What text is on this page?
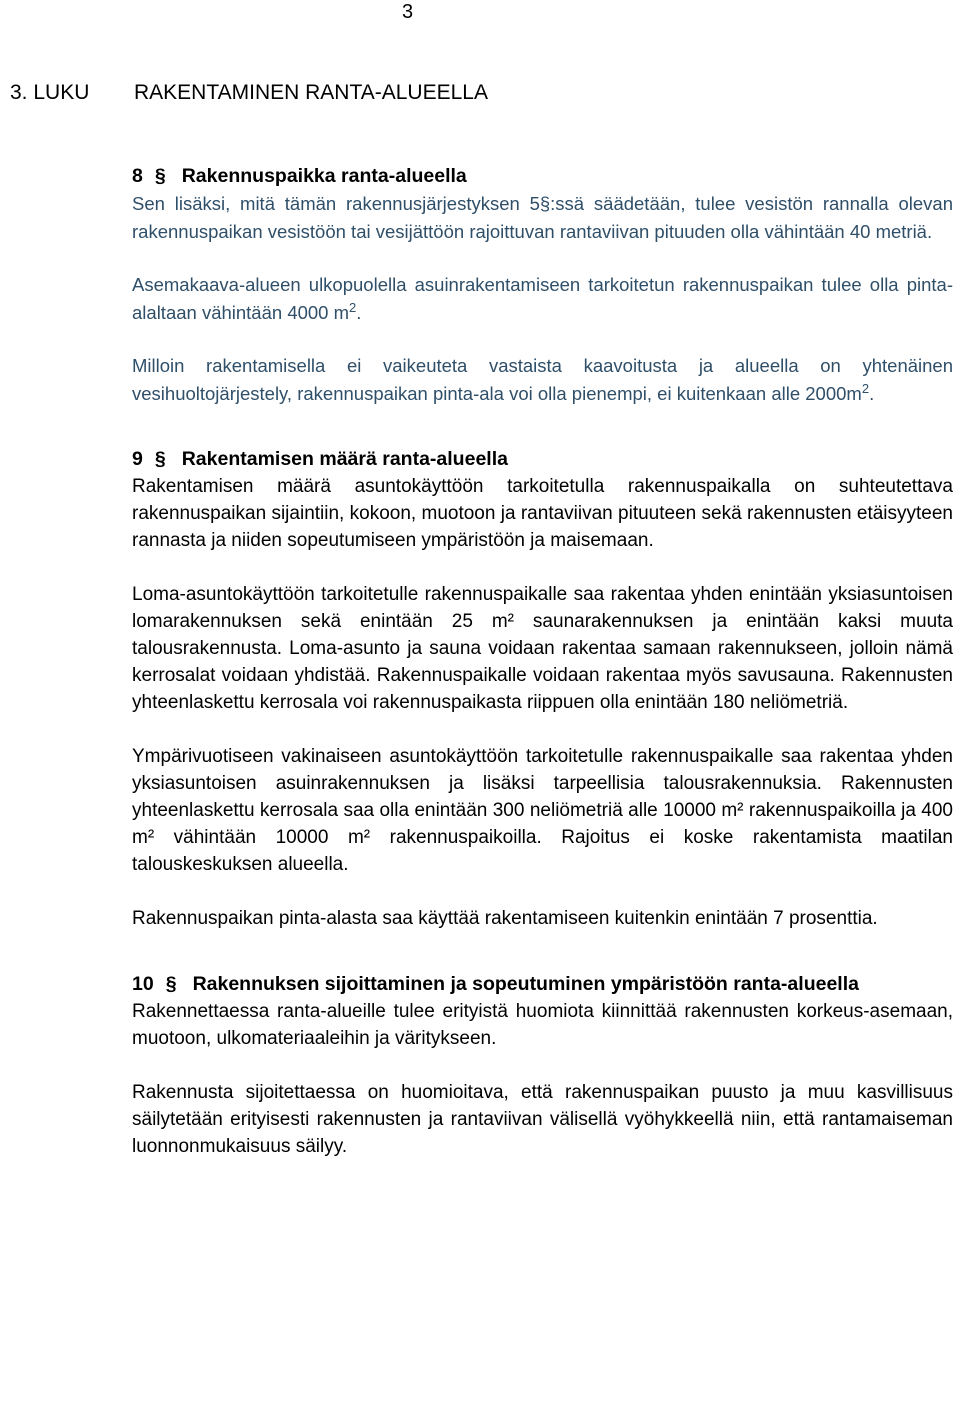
3
3. LUKU RAKENTAMINEN RANTA-ALUEELLA
8 § Rakennuspaikka ranta-alueella

Sen lisäksi, mitä tämän rakennusjärjestyksen 5§:ssä säädetään, tulee vesistön rannalla olevan rakennuspaikan vesistöön tai vesijättöön rajoittuvan rantaviivan pituuden olla vähintään 40 metriä.

Asemakaava-alueen ulkopuolella asuinrakentamiseen tarkoitetun rakennuspaikan tulee olla pinta-alaltaan vähintään 4000 $m^2$.

Milloin rakentamisella ei vaikeuteta vastaista kaavoitusta ja alueella on yhtenäinen vesihuoltojärjestely, rakennuspaikan pinta-ala voi olla pienempi, ei kuitenkaan alle $2000m^2$.

9 § Rakentamisen määrä ranta-alueella

Rakentamisen määrä asuntokäyttöön tarkoitetulla rakennuspaikalla on suhteutettava rakennuspaikan sijaintiin, kokoon, muotoon ja rantaviivan pituuteen sekä rakennusten etäisyyteen rannasta ja niiden sopeutumiseen ympäristöön ja maisemaan.

Loma-asuntokäyttöön tarkoitetulle rakennuspaikalle saa rakentaa yhden enintään yksiasuntoisen lomarakennuksen sekä enintään 25 m² saunarakennuksen ja enintään kaksi muuta talousrakennusta. Loma-asunto ja sauna voidaan rakentaa samaan rakennukseen, jolloin nämä kerrosalat voidaan yhdistää. Rakennuspaikalle voidaan rakentaa myös savusauna. Rakennusten yhteenlaskettu kerrosala voi rakennuspaikasta riippuen olla enintään 180 neliömetriä.

Ympärivuotiseen vakinaiseen asuntokäyttöön tarkoitetulle rakennuspaikalle saa rakentaa yhden yksiasuntoisen asuinrakennuksen ja lisäksi tarpeellisia talousrakennuksia. Rakennusten yhteenlaskettu kerrosala saa olla enintään 300 neliömetriä alle 10000 m² rakennuspaikoilla ja 400 m² vähintään 10000 m² rakennuspaikoilla. Rajoitus ei koske rakentamista maatilan talouskeskuksen alueella.

Rakennuspaikan pinta-alasta saa käyttää rakentamiseen kuitenkin enintään 7 prosenttia.

10 § Rakennuksen sijoittaminen ja sopeutuminen ympäristöön ranta-alueella

Rakennettaessa ranta-alueille tulee erityistä huomiota kiinnittää rakennusten korkeus-asemaan, muotoon, ulkomateriaaleihin ja väritykseen.

Rakennusta sijoitettaessa on huomioitava, että rakennuspaikan puusto ja muu kasvillisuus säilytetään erityisesti rakennusten ja rantaviivan välisellä vyöhykkeellä niin, että rantamaiseman luonnonmukaisuus säilyy.
